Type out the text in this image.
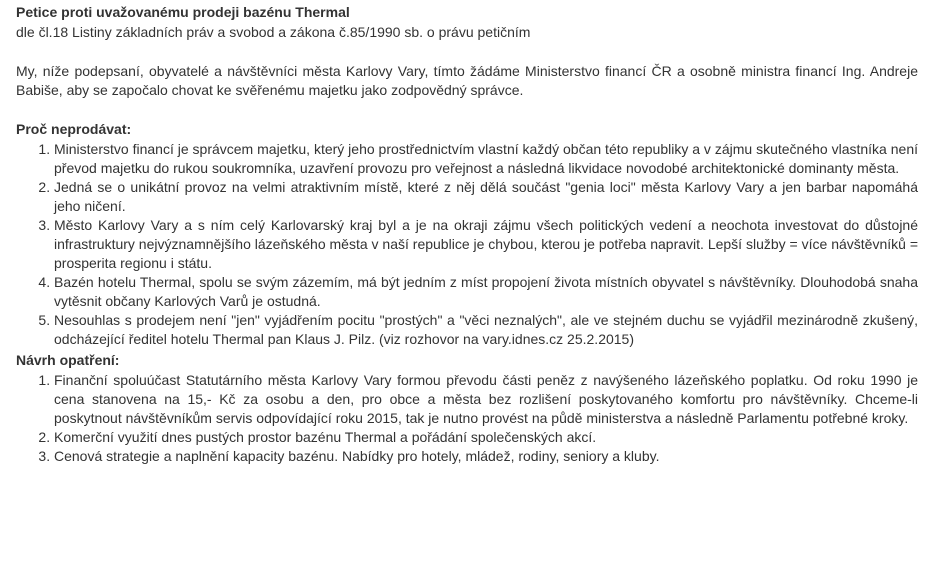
Petice proti uvažovanému prodeji bazénu Thermal

dle čl.18 Listiny základních práv a svobod a zákona č.85/1990 sb. o právu petičním

My, níže podepsaní, obyvatelé a návštěvníci města Karlovy Vary, tímto žádáme Ministerstvo financí ČR a osobně ministra financí Ing. Andreje Babiše, aby se započalo chovat ke svěřenému majetku jako zodpovědný správce.

Proč neprodávat:

1. Ministerstvo financí je správcem majetku, který jeho prostřednictvím vlastní každý občan této republiky a v zájmu skutečného vlastníka není převod majetku do rukou soukromníka, uzavření provozu pro veřejnost a následná likvidace novodobé architektonické dominanty města.
2. Jedná se o unikátní provoz na velmi atraktivním místě, které z něj dělá součást "genia loci" města Karlovy Vary a jen barbar napomáhá jeho ničení.
3. Město Karlovy Vary a s ním celý Karlovarský kraj byl a je na okraji zájmu všech politických vedení a neochota investovat do důstojné infrastruktury nejvýznamnějšího lázeňského města v naší republice je chybou, kterou je potřeba napravit. Lepší služby = více návštěvníků = prosperita regionu i státu.
4. Bazén hotelu Thermal, spolu se svým zázemím, má být jedním z míst propojení života místních obyvatel s návštěvníky. Dlouhodobá snaha vytěsnit občany Karlových Varů je ostudná.
5. Nesouhlas s prodejem není "jen" vyjádřením pocitu "prostých" a "věci neznalých", ale ve stejném duchu se vyjádřil mezinárodně zkušený, odcházející ředitel hotelu Thermal pan Klaus J. Pilz. (viz rozhovor na vary.idnes.cz 25.2.2015)

Návrh opatření:

1. Finanční spoluúčast Statutárního města Karlovy Vary formou převodu části peněz z navýšeného lázeňského poplatku. Od roku 1990 je cena stanovena na 15,- Kč za osobu a den, pro obce a města bez rozlišení poskytovaného komfortu pro návštěvníky. Chceme-li poskytnout návštěvníkům servis odpovídající roku 2015, tak je nutno provést na půdě ministerstva a následně Parlamentu potřebné kroky.
2. Komerční využití dnes pustých prostor bazénu Thermal a pořádání společenských akcí.
3. Cenová strategie a naplnění kapacity bazénu. Nabídky pro hotely, mládež, rodiny, seniory a kluby.
